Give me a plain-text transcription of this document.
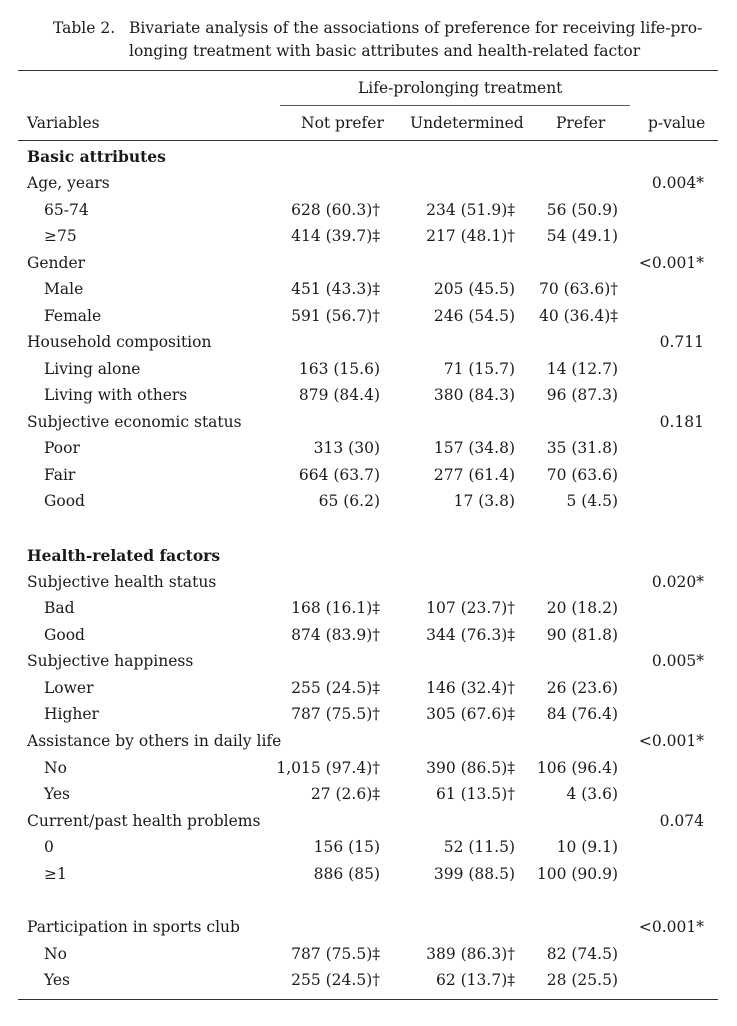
Table 2. Bivariate analysis of the associations of preference for receiving life-pro-longing treatment with basic attributes and health-related factor
Life-prolonging treatment
Variables	Not prefer Undetermined Prefer	p-value
Basic attributes
Age, years	0.004*
65-74	628 (60.3)†	234 (51.9)‡	56 (50.9)
≥75	414 (39.7)‡	217 (48.1)†	54 (49.1)
Gender	<0.001*
Male	451 (43.3)‡	205 (45.5)	70 (63.6)†
Female	591 (56.7)†	246 (54.5)	40 (36.4)‡
Household composition	0.711
Living alone	163 (15.6)	71 (15.7)	14 (12.7)
Living with others	879 (84.4)	380 (84.3)	96 (87.3)
Subjective economic status	0.181
Poor	313 (30)	157 (34.8)	35 (31.8)
Fair	664 (63.7)	277 (61.4)	70 (63.6)
Good	65 (6.2)	17 (3.8)	5 (4.5)
Health-related factors
Subjective health status	0.020*
Bad	168 (16.1)‡	107 (23.7)†	20 (18.2)
Good	874 (83.9)†	344 (76.3)‡	90 (81.8)
Subjective happiness	0.005*
Lower	255 (24.5)‡	146 (32.4)†	26 (23.6)
Higher	787 (75.5)†	305 (67.6)‡	84 (76.4)
Assistance by others in daily life	<0.001*
No	1,015 (97.4)†	390 (86.5)‡	106 (96.4)
Yes	27 (2.6)‡	61 (13.5)†	4 (3.6)
Current/past health problems	0.074
0	156 (15)	52 (11.5)	10 (9.1)
≥1	886 (85)	399 (88.5)	100 (90.9)
Participation in sports club	<0.001*
No	787 (75.5)‡	389 (86.3)†	82 (74.5)
Yes	255 (24.5)†	62 (13.7)‡	28 (25.5)
